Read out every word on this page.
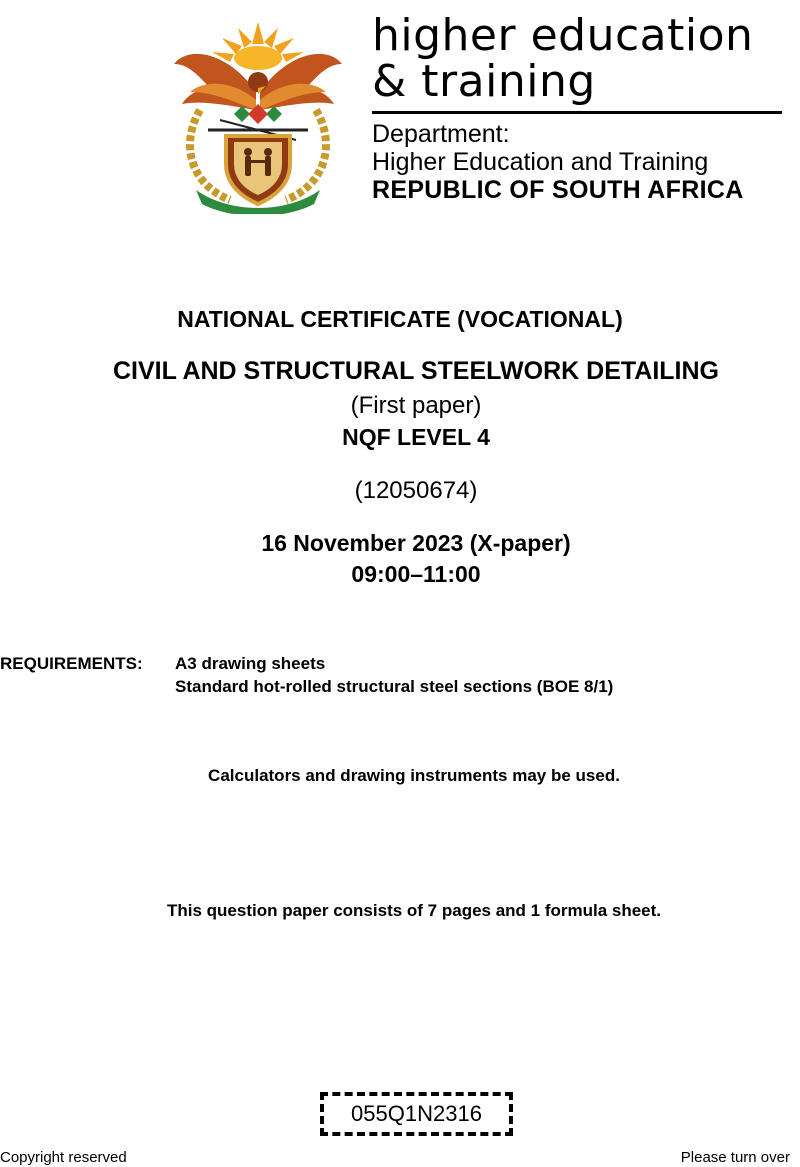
higher education
& training
Department:
Higher Education and Training
REPUBLIC OF SOUTH AFRICA
NATIONAL CERTIFICATE (VOCATIONAL)
CIVIL AND STRUCTURAL STEELWORK DETAILING
(First paper)
NQF LEVEL 4
(12050674)
16 November 2023 (X-paper)
09:00–11:00
REQUIREMENTS: A3 drawing sheets
Standard hot-rolled structural steel sections (BOE 8/1)
Calculators and drawing instruments may be used.
This question paper consists of 7 pages and 1 formula sheet.
055Q1N2316
Copyright reserved	Please turn over
